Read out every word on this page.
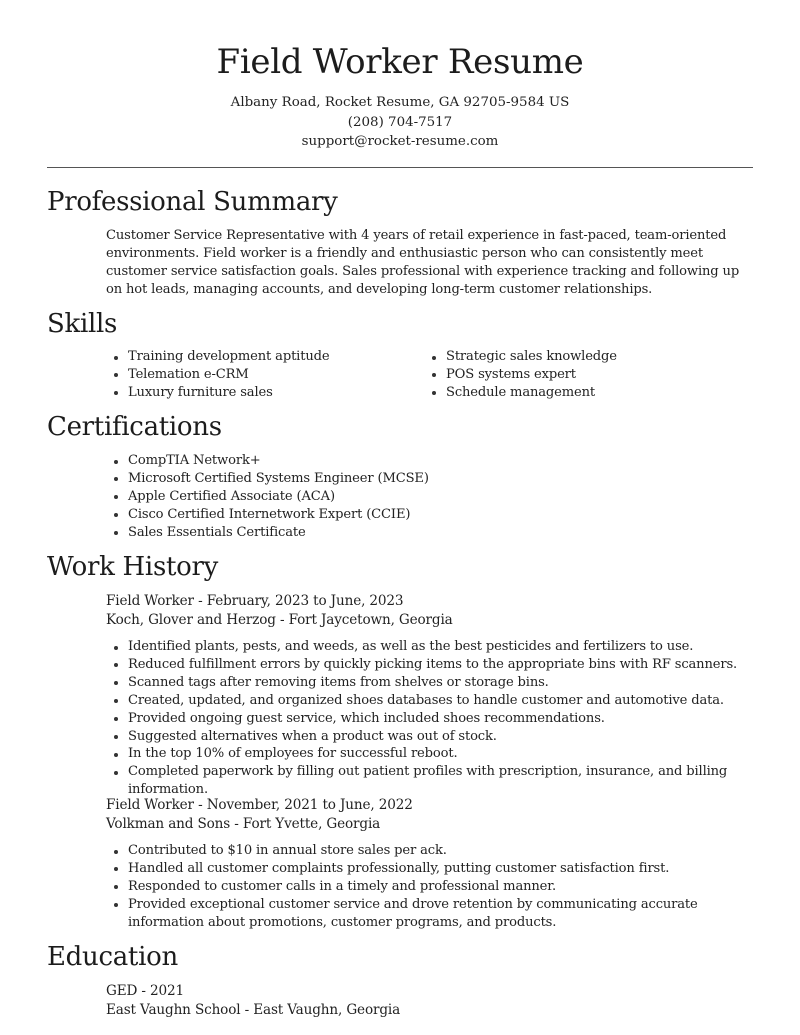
Field Worker Resume
Albany Road, Rocket Resume, GA 92705-9584 US
(208) 704-7517
support@rocket-resume.com
Professional Summary
Customer Service Representative with 4 years of retail experience in fast-paced, team-oriented environments. Field worker is a friendly and enthusiastic person who can consistently meet customer service satisfaction goals. Sales professional with experience tracking and following up on hot leads, managing accounts, and developing long-term customer relationships.
Skills
Training development aptitude
Telemation e-CRM
Luxury furniture sales
Strategic sales knowledge
POS systems expert
Schedule management
Certifications
CompTIA Network+
Microsoft Certified Systems Engineer (MCSE)
Apple Certified Associate (ACA)
Cisco Certified Internetwork Expert (CCIE)
Sales Essentials Certificate
Work History
Field Worker - February, 2023 to June, 2023
Koch, Glover and Herzog - Fort Jaycetown, Georgia
Identified plants, pests, and weeds, as well as the best pesticides and fertilizers to use.
Reduced fulfillment errors by quickly picking items to the appropriate bins with RF scanners.
Scanned tags after removing items from shelves or storage bins.
Created, updated, and organized shoes databases to handle customer and automotive data.
Provided ongoing guest service, which included shoes recommendations.
Suggested alternatives when a product was out of stock.
In the top 10% of employees for successful reboot.
Completed paperwork by filling out patient profiles with prescription, insurance, and billing information.
Field Worker - November, 2021 to June, 2022
Volkman and Sons - Fort Yvette, Georgia
Contributed to $10 in annual store sales per ack.
Handled all customer complaints professionally, putting customer satisfaction first.
Responded to customer calls in a timely and professional manner.
Provided exceptional customer service and drove retention by communicating accurate information about promotions, customer programs, and products.
Education
GED - 2021
East Vaughn School - East Vaughn, Georgia
